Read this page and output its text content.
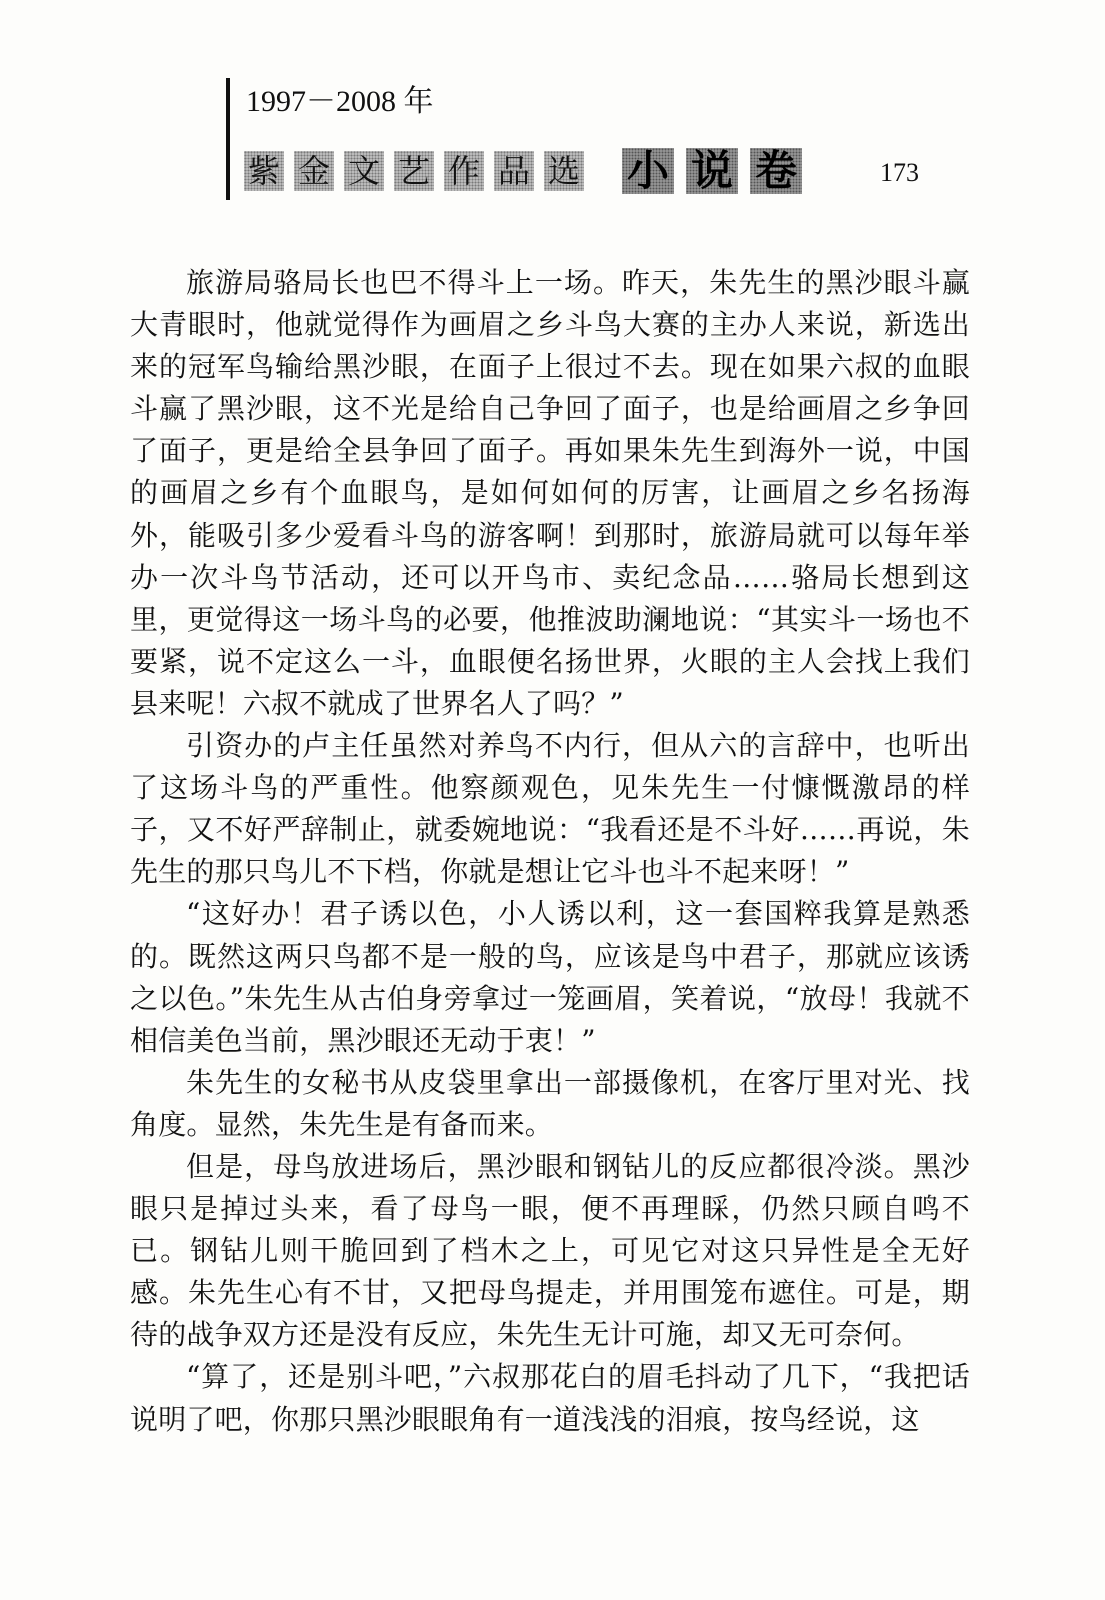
1997－2008 年
紫 金 文 艺 作 品 选 小 说 卷	173

旅游局骆局长也巴不得斗上一场。昨天，朱先生的黑沙眼斗赢大青眼时，他就觉得作为画眉之乡斗鸟大赛的主办人来说，新选出来的冠军鸟输给黑沙眼，在面子上很过不去。现在如果六叔的血眼斗赢了黑沙眼，这不光是给自己争回了面子，也是给画眉之乡争回了面子，更是给全县争回了面子。再如果朱先生到海外一说，中国的画眉之乡有个血眼鸟，是如何如何的厉害，让画眉之乡名扬海外，能吸引多少爱看斗鸟的游客啊！到那时，旅游局就可以每年举办一次斗鸟节活动，还可以开鸟市、卖纪念品……骆局长想到这里，更觉得这一场斗鸟的必要，他推波助澜地说：“其实斗一场也不要紧，说不定这么一斗，血眼便名扬世界，火眼的主人会找上我们县来呢！六叔不就成了世界名人了吗？”

引资办的卢主任虽然对养鸟不内行，但从六的言辞中，也听出了这场斗鸟的严重性。他察颜观色，见朱先生一付慷慨激昂的样子，又不好严辞制止，就委婉地说：“我看还是不斗好……再说，朱先生的那只鸟儿不下档，你就是想让它斗也斗不起来呀！”

“这好办！君子诱以色，小人诱以利，这一套国粹我算是熟悉的。既然这两只鸟都不是一般的鸟，应该是鸟中君子，那就应该诱之以色。”朱先生从古伯身旁拿过一笼画眉，笑着说，“放母！我就不相信美色当前，黑沙眼还无动于衷！”

朱先生的女秘书从皮袋里拿出一部摄像机，在客厅里对光、找角度。显然，朱先生是有备而来。

但是，母鸟放进场后，黑沙眼和钢钻儿的反应都很冷淡。黑沙眼只是掉过头来，看了母鸟一眼，便不再理睬，仍然只顾自鸣不已。钢钻儿则干脆回到了档木之上，可见它对这只异性是全无好感。朱先生心有不甘，又把母鸟提走，并用围笼布遮住。可是，期待的战争双方还是没有反应，朱先生无计可施，却又无可奈何。

“算了，还是别斗吧，”六叔那花白的眉毛抖动了几下，“我把话说明了吧，你那只黑沙眼眼角有一道浅浅的泪痕，按鸟经说，这
